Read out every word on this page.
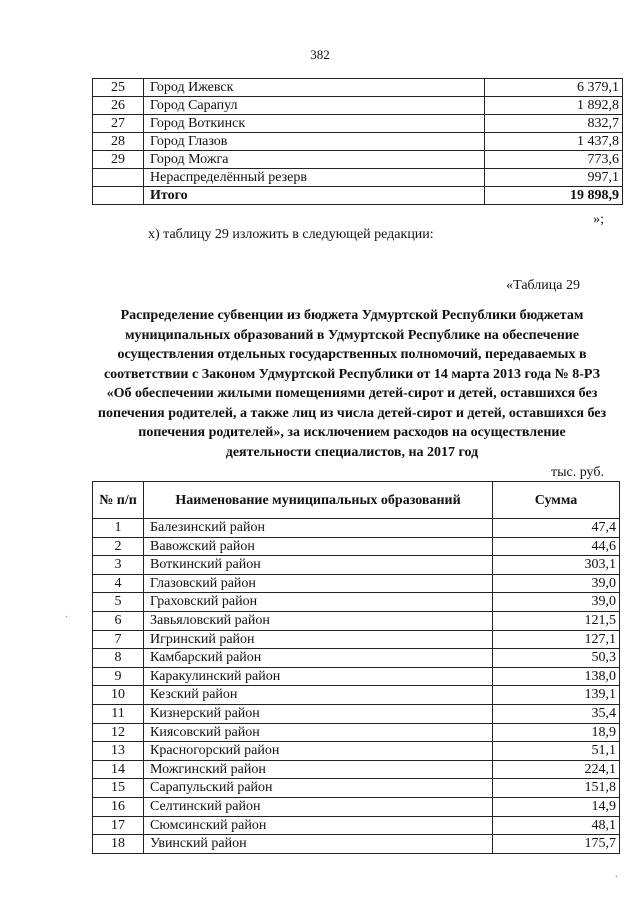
382
25	Город Ижевск	6 379,1
26	Город Сарапул	1 892,8
27	Город Воткинск	832,7
28	Город Глазов	1 437,8
29	Город Можга	773,6
	Нераспределённый резерв	997,1
	Итого	19 898,9
»;
х) таблицу 29 изложить в следующей редакции:
«Таблица 29
Распределение субвенции из бюджета Удмуртской Республики бюджетам муниципальных образований в Удмуртской Республике на обеспечение осуществления отдельных государственных полномочий, передаваемых в соответствии с Законом Удмуртской Республики от 14 марта 2013 года № 8-РЗ «Об обеспечении жилыми помещениями детей-сирот и детей, оставшихся без попечения родителей, а также лиц из числа детей-сирот и детей, оставшихся без попечения родителей», за исключением расходов на осуществление деятельности специалистов, на 2017 год
тыс. руб.
№ п/п	Наименование муниципальных образований	Сумма
1	Балезинский район	47,4
2	Вавожский район	44,6
3	Воткинский район	303,1
4	Глазовский район	39,0
5	Граховский район	39,0
6	Завьяловский район	121,5
7	Игринский район	127,1
8	Камбарский район	50,3
9	Каракулинский район	138,0
10	Кезский район	139,1
11	Кизнерский район	35,4
12	Киясовский район	18,9
13	Красногорский район	51,1
14	Можгинский район	224,1
15	Сарапульский район	151,8
16	Селтинский район	14,9
17	Сюмсинский район	48,1
18	Увинский район	175,7
·
·
